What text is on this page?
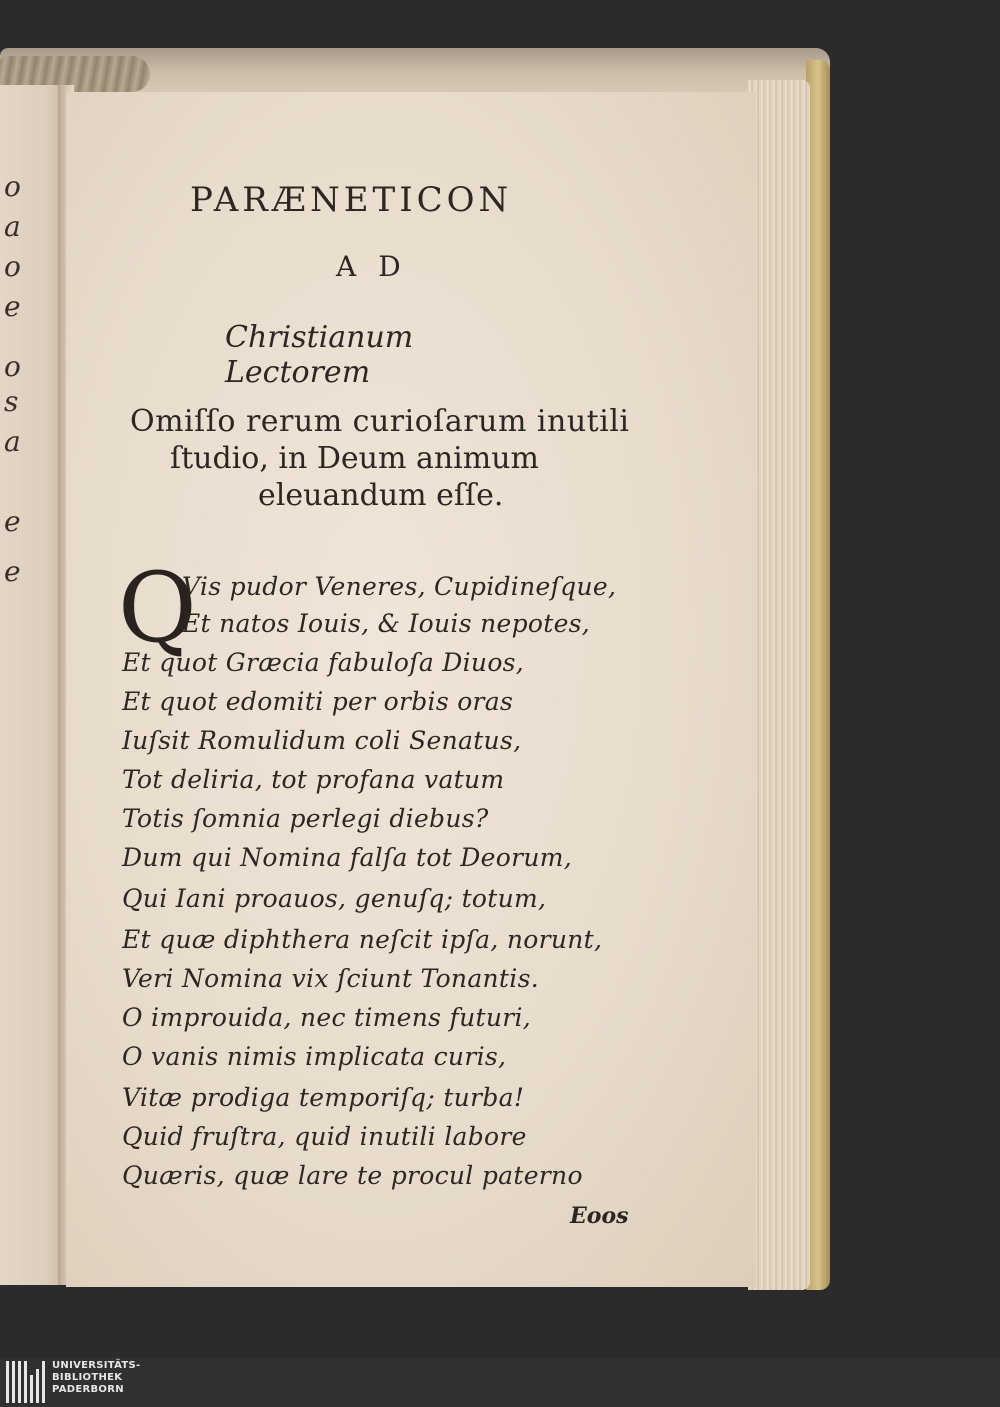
o
a
o
e
o
s
a
e
e
PARÆNETICON
AD
Christianum Lectorem
Omiſſo rerum curioſarum inutili
ſtudio, in Deum animum
eleuandum eſſe.
Q
Vis pudor Veneres, Cupidineſque,
Et natos Iouis, & Iouis nepotes,
Et quot Græcia fabuloſa Diuos,
Et quot edomiti per orbis oras
Iuſsit Romulidum coli Senatus,
Tot deliria, tot profana vatum
Totis ſomnia perlegi diebus?
Dum qui Nomina falſa tot Deorum,
Qui Iani proauos, genuſq; totum,
Et quæ diphthera neſcit ipſa, norunt,
Veri Nomina vix ſciunt Tonantis.
O improuida, nec timens futuri,
O vanis nimis implicata curis,
Vitæ prodiga temporiſq; turba!
Quid fruſtra, quid inutili labore
Quæris, quæ lare te procul paterno
Eoos
UNIVERSITÄTS-
BIBLIOTHEK
PADERBORN
